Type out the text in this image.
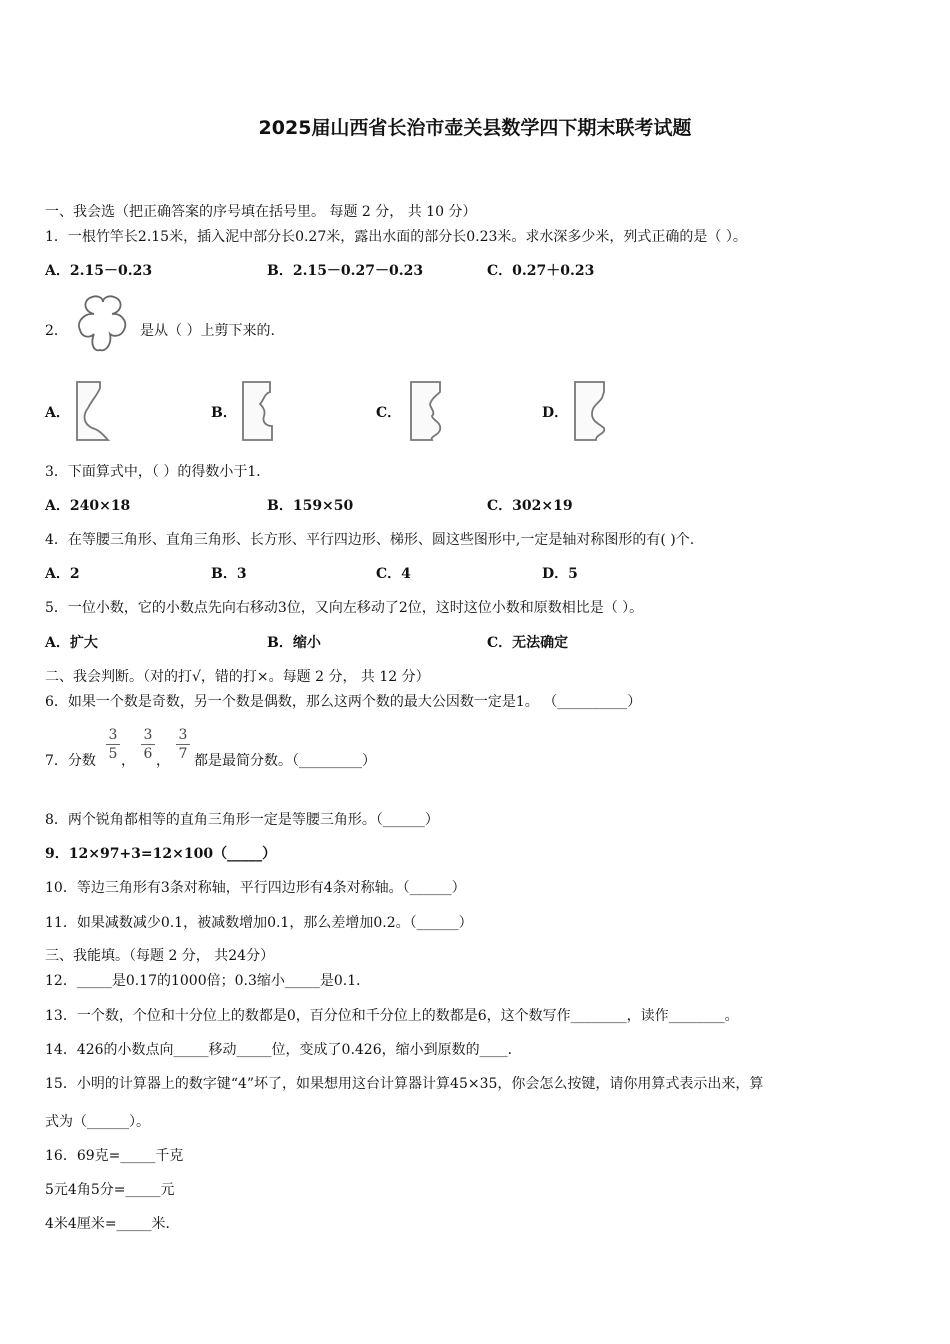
2025届山西省长治市壶关县数学四下期末联考试题
一、我会选（把正确答案的序号填在括号里。 每题 2 分， 共 10 分）
1．一根竹竿长2.15米，插入泥中部分长0.27米，露出水面的部分长0.23米。求水深多少米，列式正确的是（ ）。
A．2.15－0.23	B．2.15－0.27－0.23	C．0.27＋0.23
2．	是从（ ）上剪下来的.
A．	B．	C．	D．
3．下面算式中，（ ）的得数小于1．
A．240×18	B．159×50	C．302×19
4．在等腰三角形、直角三角形、长方形、平行四边形、梯形、圆这些图形中,一定是轴对称图形的有( )个.
A．2	B．3	C．4	D．5
5．一位小数，它的小数点先向右移动3位，又向左移动了2位，这时这位小数和原数相比是（ ）。
A．扩大	B．缩小	C．无法确定
二、我会判断。（对的打√，错的打×。每题 2 分， 共 12 分）
6．如果一个数是奇数，另一个数是偶数，那么这两个数的最大公因数一定是1。 （__________）
7．分数
3
5 ，
3
6 ，
3
7 都是最简分数。（_________）
8．两个锐角都相等的直角三角形一定是等腰三角形。（______）
9．12×97+3=12×100（_____）
10．等边三角形有3条对称轴，平行四边形有4条对称轴。（______）
11．如果减数减少0.1，被减数增加0.1，那么差增加0.2。（______）
三、我能填。（每题 2 分， 共24分）
12．_____是0.17的1000倍；0.3缩小_____是0.1．
13．一个数，个位和十分位上的数都是0，百分位和千分位上的数都是6，这个数写作________，读作________。
14．426的小数点向_____移动_____位，变成了0.426，缩小到原数的____．
15．小明的计算器上的数字键“4”坏了，如果想用这台计算器计算45×35，你会怎么按键，请你用算式表示出来，算
式为（______）。
16．69克=_____千克
5元4角5分=_____元
4米4厘米=_____米．
